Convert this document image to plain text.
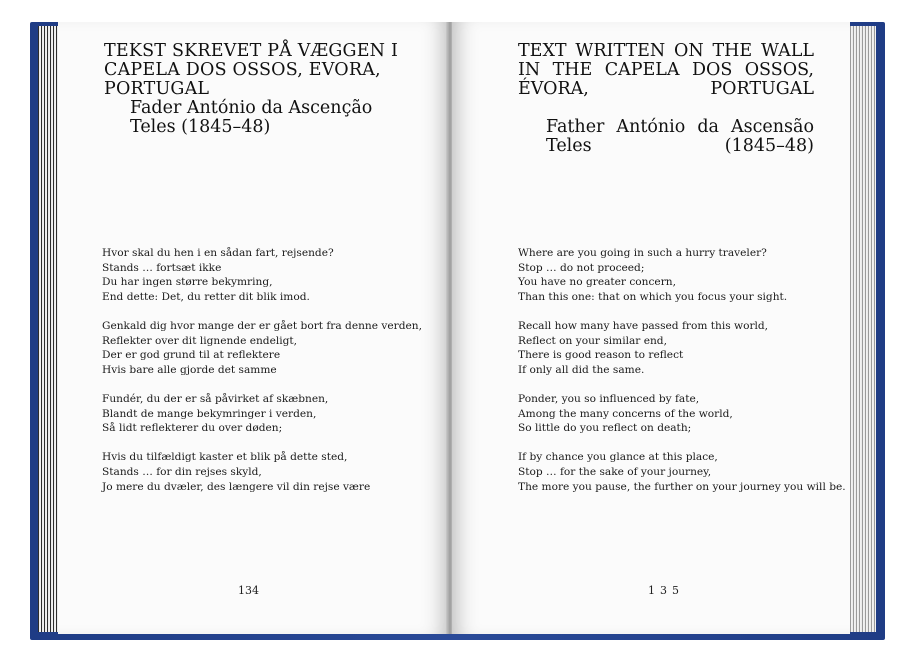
TEKST SKREVET PÅ VÆGGEN I CAPELA DOS OSSOS, EVORA, PORTUGAL
Fader António da Ascenção Teles (1845–48)
Hvor skal du hen i en sådan fart, rejsende?
Stands … fortsæt ikke
Du har ingen større bekymring,
End dette: Det, du retter dit blik imod.
Genkald dig hvor mange der er gået bort fra denne verden,
Reflekter over dit lignende endeligt,
Der er god grund til at reflektere
Hvis bare alle gjorde det samme
Fundér, du der er så påvirket af skæbnen,
Blandt de mange bekymringer i verden,
Så lidt reflekterer du over døden;
Hvis du tilfældigt kaster et blik på dette sted,
Stands … for din rejses skyld,
Jo mere du dvæler, des længere vil din rejse være
134
TEXT WRITTEN ON THE WALL IN THE CAPELA DOS OSSOS, ÉVORA, PORTUGAL
Father António da Ascensão Teles (1845–48)
Where are you going in such a hurry traveler?
Stop … do not proceed;
You have no greater concern,
Than this one: that on which you focus your sight.
Recall how many have passed from this world,
Reflect on your similar end,
There is good reason to reflect
If only all did the same.
Ponder, you so influenced by fate,
Among the many concerns of the world,
So little do you reflect on death;
If by chance you glance at this place,
Stop … for the sake of your journey,
The more you pause, the further on your journey you will be.
135
